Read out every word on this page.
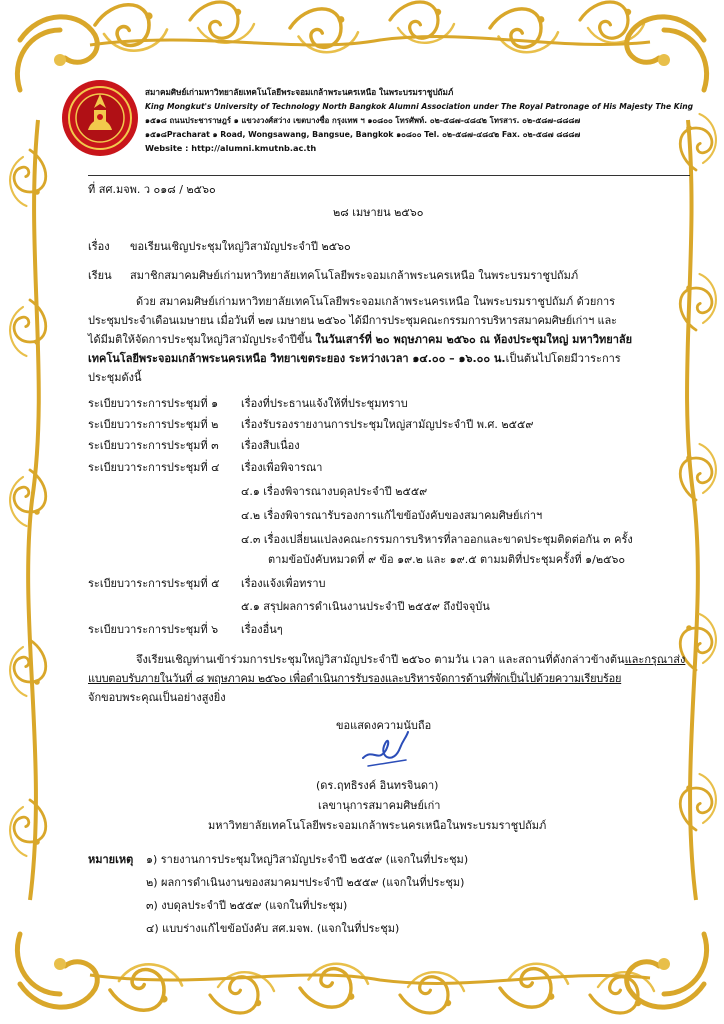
สมาคมศิษย์เก่ามหาวิทยาลัยเทคโนโลยีพระจอมเกล้าพระนครเหนือ ในพระบรมราชูปถัมภ์
King Mongkut's University of Technology North Bangkok Alumni Association under The Royal Patronage of His Majesty The King
๑๕๑๘ ถนนประชาราษฎร์ ๑ แขวงวงศ์สว่าง เขตบางซื่อ กรุงเทพ ฯ ๑๐๘๐๐ โทรศัพท์. ๐๒-๕๘๗-๔๘๔๒ โทรสาร. ๐๒-๕๘๗-๘๘๘๗
๑๕๑๘Pracharat ๑ Road, Wongsawang, Bangsue, Bangkok ๑๐๘๐๐ Tel. ๐๒-๕๘๗-๔๘๔๒ Fax. ๐๒-๕๘๗ ๘๘๘๗
Website : http://alumni.kmutnb.ac.th
ที่ สศ.มจพ. ว ๐๑๘ / ๒๕๖๐
๒๘ เมษายน ๒๕๖๐
เรื่อง ขอเรียนเชิญประชุมใหญ่วิสามัญประจำปี ๒๕๖๐
เรียน สมาชิกสมาคมศิษย์เก่ามหาวิทยาลัยเทคโนโลยีพระจอมเกล้าพระนครเหนือ ในพระบรมราชูปถัมภ์
ด้วย สมาคมศิษย์เก่ามหาวิทยาลัยเทคโนโลยีพระจอมเกล้าพระนครเหนือ ในพระบรมราชูปถัมภ์ ด้วยการ
ประชุมประจำเดือนเมษายน เมื่อวันที่ ๒๗ เมษายน ๒๕๖๐ ได้มีการประชุมคณะกรรมการบริหารสมาคมศิษย์เก่าฯ และ
ได้มีมติให้จัดการประชุมใหญ่วิสามัญประจำปีขึ้น ในวันเสาร์ที่ ๒๐ พฤษภาคม ๒๕๖๐ ณ ห้องประชุมใหญ่ มหาวิทยาลัย
เทคโนโลยีพระจอมเกล้าพระนครเหนือ วิทยาเขตระยอง ระหว่างเวลา ๑๔.๐๐ – ๑๖.๐๐ น.เป็นต้นไปโดยมีวาระการ
ประชุมดังนี้
ระเบียบวาระการประชุมที่ ๑ เรื่องที่ประธานแจ้งให้ที่ประชุมทราบ
ระเบียบวาระการประชุมที่ ๒ เรื่องรับรองรายงานการประชุมใหญ่สามัญประจำปี พ.ศ. ๒๕๕๙
ระเบียบวาระการประชุมที่ ๓ เรื่องสืบเนื่อง
ระเบียบวาระการประชุมที่ ๔ เรื่องเพื่อพิจารณา
๔.๑ เรื่องพิจารณางบดุลประจำปี ๒๕๕๙
๔.๒ เรื่องพิจารณารับรองการแก้ไขข้อบังคับของสมาคมศิษย์เก่าฯ
๔.๓ เรื่องเปลี่ยนแปลงคณะกรรมการบริหารที่ลาออกและขาดประชุมติดต่อกัน ๓ ครั้ง
ตามข้อบังคับหมวดที่ ๙ ข้อ ๑๙.๒ และ ๑๙.๕ ตามมติที่ประชุมครั้งที่ ๑/๒๕๖๐
ระเบียบวาระการประชุมที่ ๕ เรื่องแจ้งเพื่อทราบ
๕.๑ สรุปผลการดำเนินงานประจำปี ๒๕๕๙ ถึงปัจจุบัน
ระเบียบวาระการประชุมที่ ๖ เรื่องอื่นๆ
จึงเรียนเชิญท่านเข้าร่วมการประชุมใหญ่วิสามัญประจำปี ๒๕๖๐ ตามวัน เวลา และสถานที่ดังกล่าวข้างต้นและกรุณาส่ง
แบบตอบรับภายในวันที่ ๘ พฤษภาคม ๒๕๖๐ เพื่อดำเนินการรับรองและบริหารจัดการด้านที่พักเป็นไปด้วยความเรียบร้อย
จักขอบพระคุณเป็นอย่างสูงยิ่ง
ขอแสดงความนับถือ
(ดร.ฤทธิรงค์ อินทรจินดา)
เลขานุการสมาคมศิษย์เก่า
มหาวิทยาลัยเทคโนโลยีพระจอมเกล้าพระนครเหนือในพระบรมราชูปถัมภ์
หมายเหตุ ๑) รายงานการประชุมใหญ่วิสามัญประจำปี ๒๕๕๙ (แจกในที่ประชุม)
๒) ผลการดำเนินงานของสมาคมฯประจำปี ๒๕๕๙ (แจกในที่ประชุม)
๓) งบดุลประจำปี ๒๕๕๙ (แจกในที่ประชุม)
๔) แบบร่างแก้ไขข้อบังคับ สศ.มจพ. (แจกในที่ประชุม)
